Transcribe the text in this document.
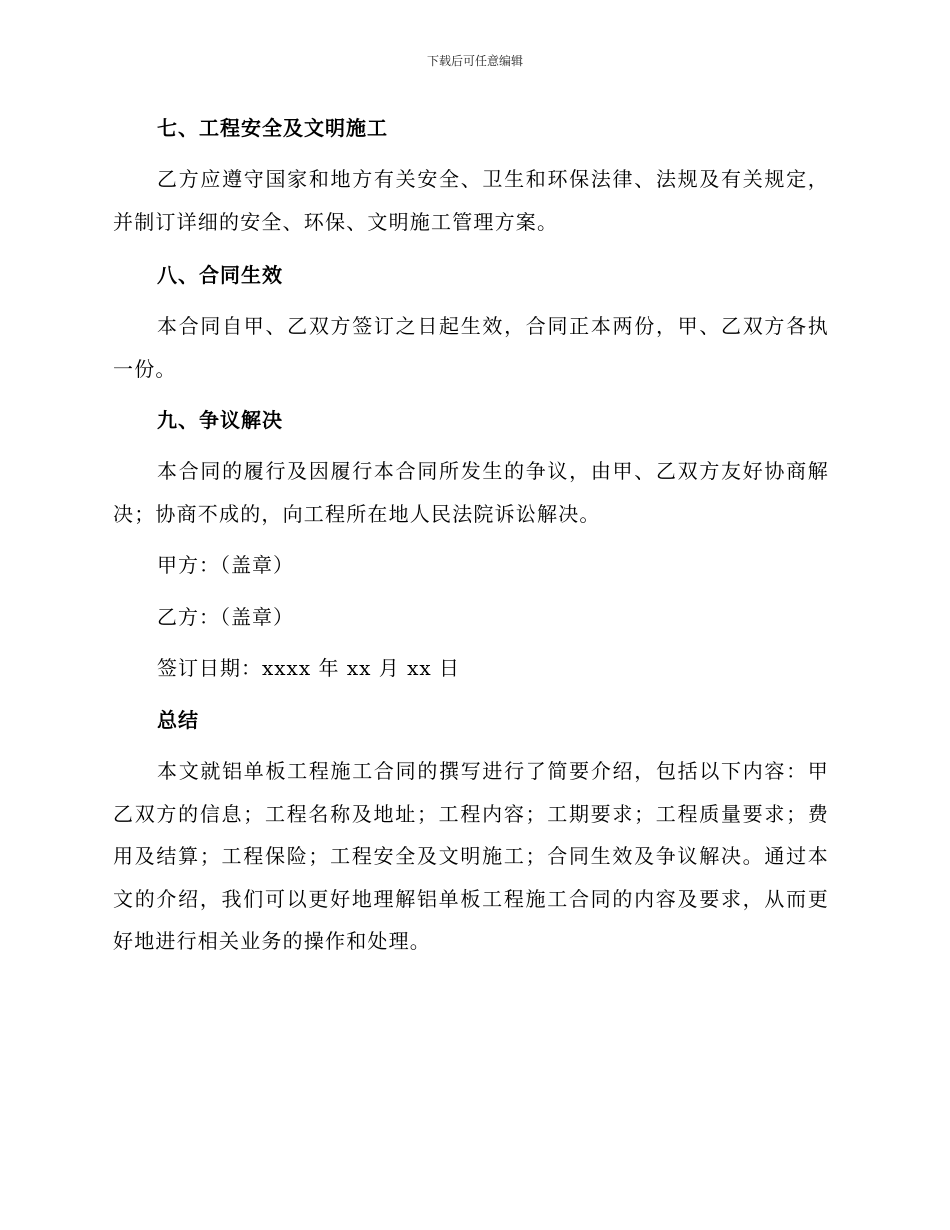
下载后可任意编辑
七、工程安全及文明施工
乙方应遵守国家和地方有关安全、卫生和环保法律、法规及有关规定，并制订详细的安全、环保、文明施工管理方案。
八、合同生效
本合同自甲、乙双方签订之日起生效，合同正本两份，甲、乙双方各执一份。
九、争议解决
本合同的履行及因履行本合同所发生的争议，由甲、乙双方友好协商解决；协商不成的，向工程所在地人民法院诉讼解决。
甲方：（盖章）
乙方：（盖章）
签订日期：xxxx 年 xx 月 xx 日
总结
本文就铝单板工程施工合同的撰写进行了简要介绍，包括以下内容：甲乙双方的信息；工程名称及地址；工程内容；工期要求；工程质量要求；费用及结算；工程保险；工程安全及文明施工；合同生效及争议解决。通过本文的介绍，我们可以更好地理解铝单板工程施工合同的内容及要求，从而更好地进行相关业务的操作和处理。
